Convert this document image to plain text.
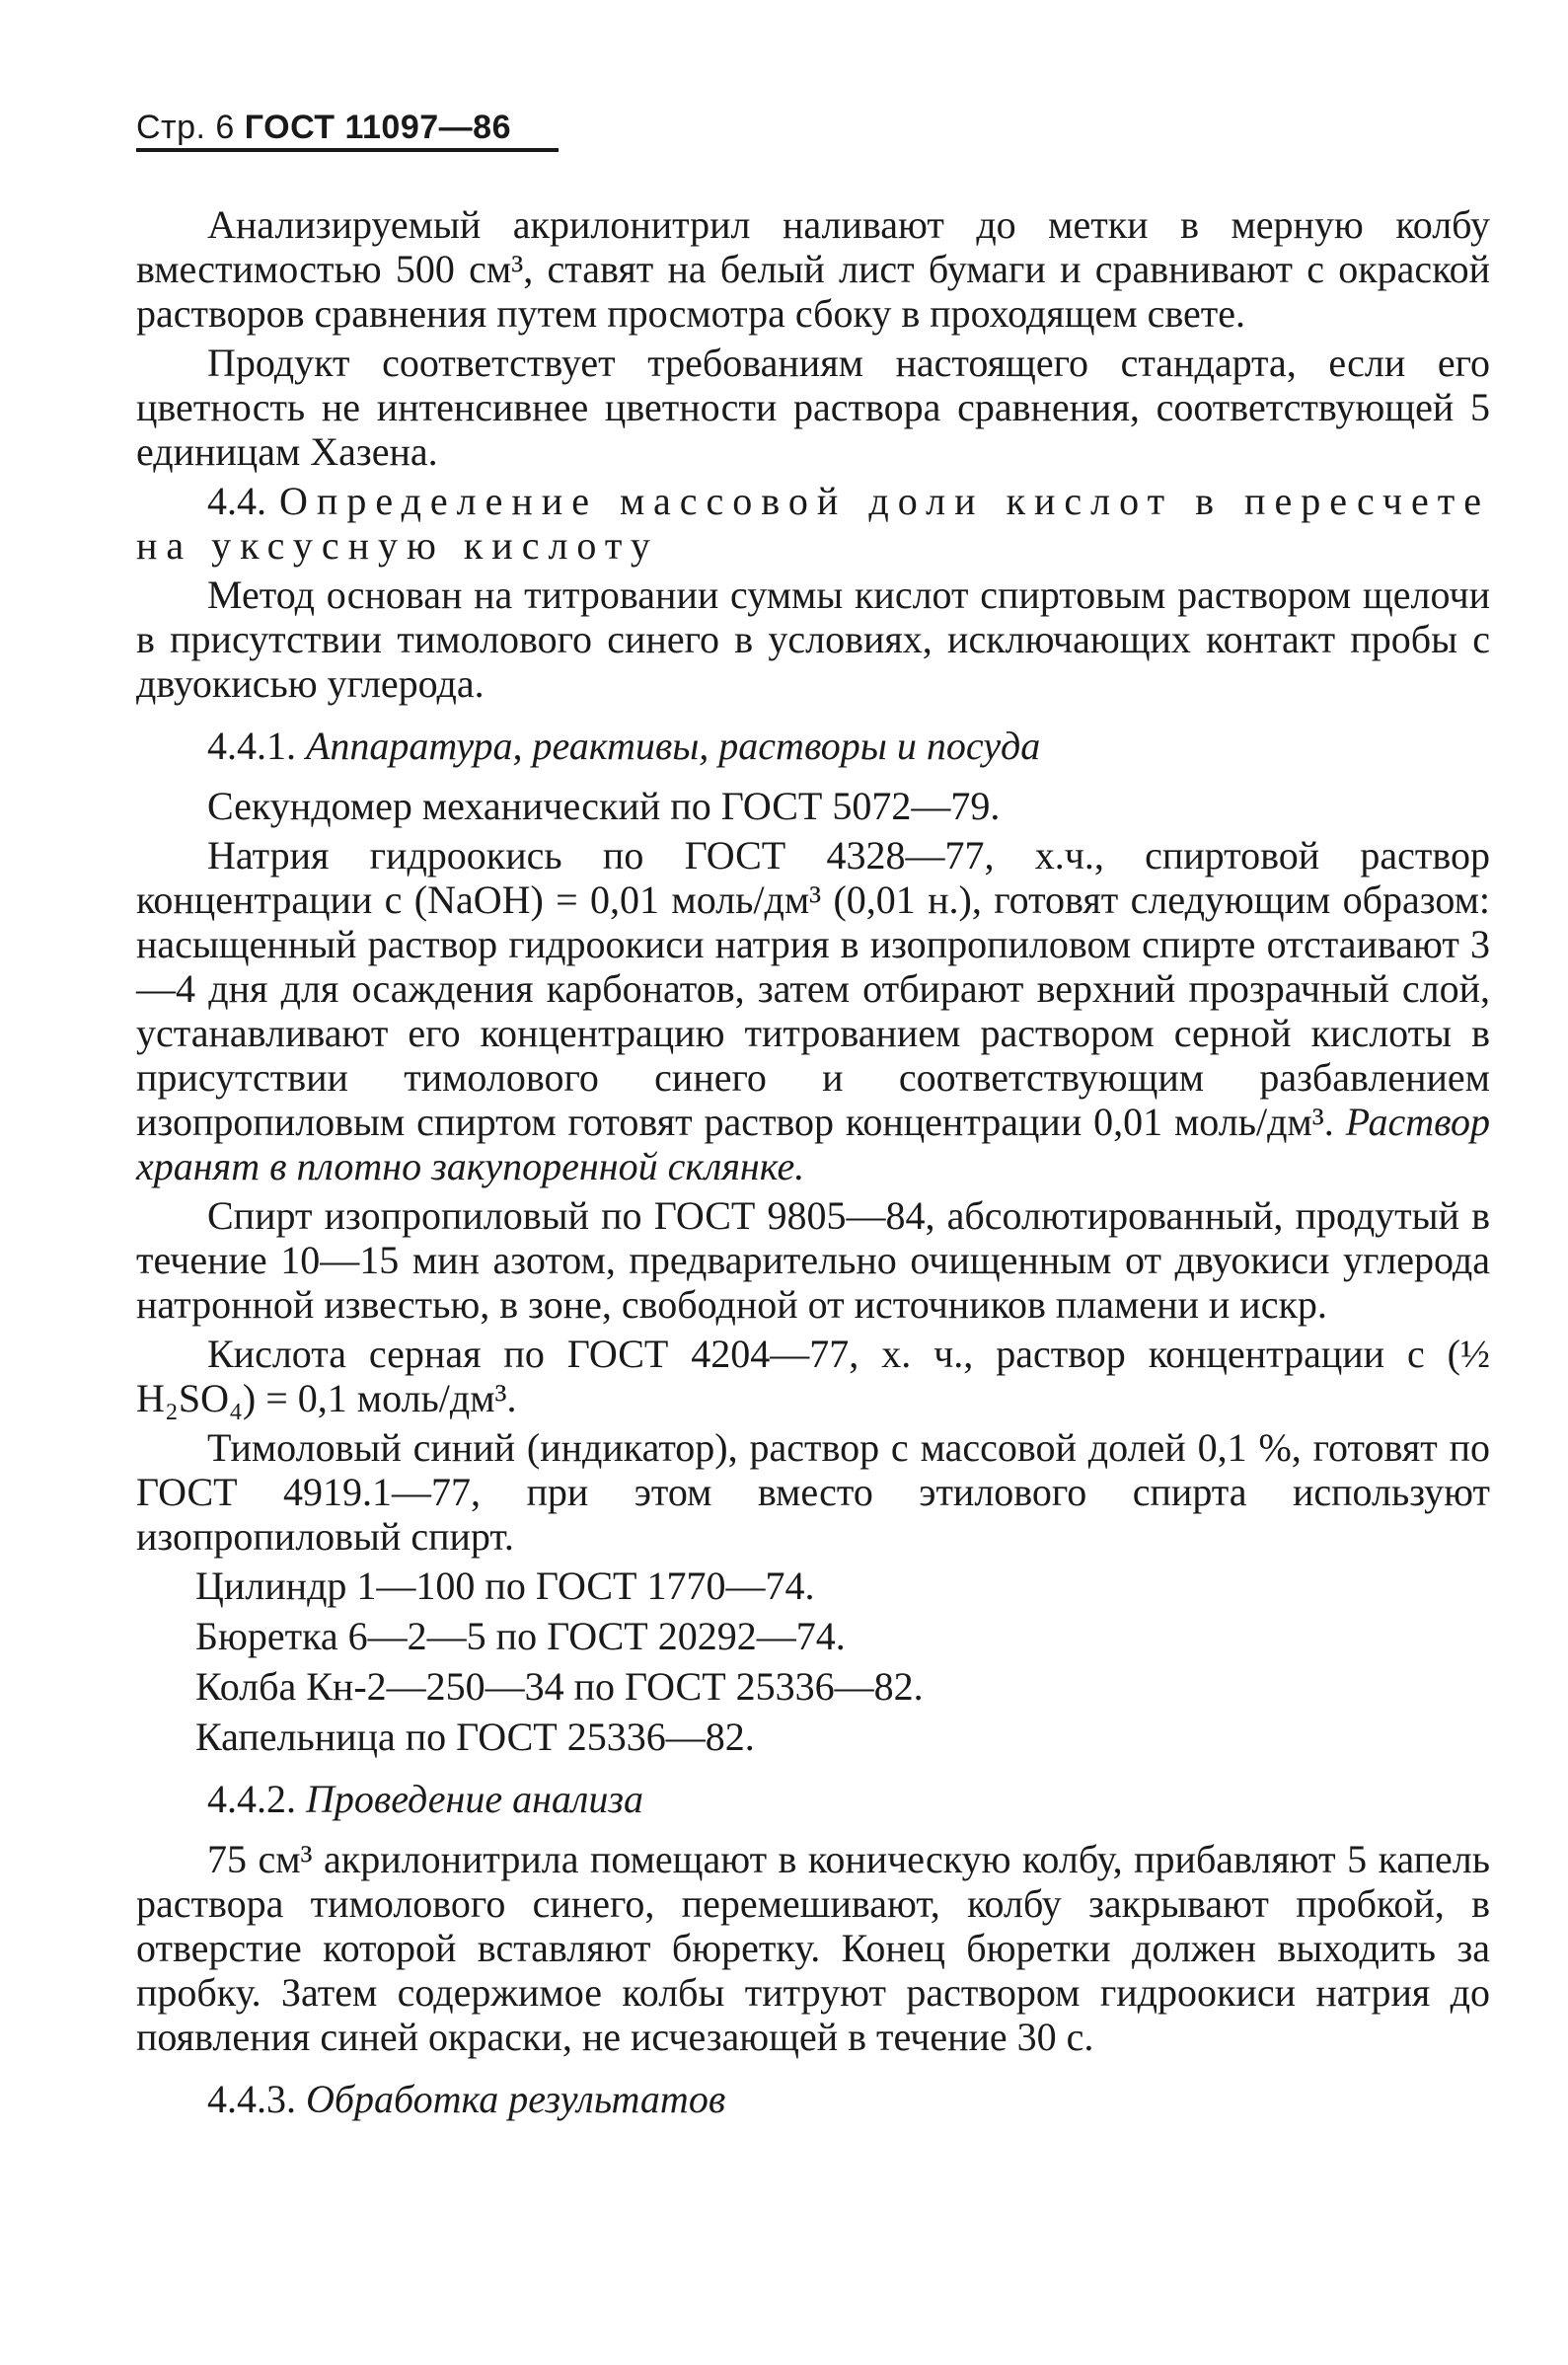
Стр. 6 ГОСТ 11097—86

Анализируемый акрилонитрил наливают до метки в мерную колбу вместимостью 500 см³, ставят на белый лист бумаги и сравнивают с окраской растворов сравнения путем просмотра сбоку в проходящем свете.

Продукт соответствует требованиям настоящего стандарта, если его цветность не интенсивнее цветности раствора сравнения, соответствующей 5 единицам Хазена.

4.4. Определение массовой доли кислот в пересчете на уксусную кислоту

Метод основан на титровании суммы кислот спиртовым раствором щелочи в присутствии тимолового синего в условиях, исключающих контакт пробы с двуокисью углерода.

4.4.1. Аппаратура, реактивы, растворы и посуда

Секундомер механический по ГОСТ 5072—79.

Натрия гидроокись по ГОСТ 4328—77, х.ч., спиртовой раствор концентрации c (NaOH) = 0,01 моль/дм³ (0,01 н.), готовят следующим образом: насыщенный раствор гидроокиси натрия в изопропиловом спирте отстаивают 3—4 дня для осаждения карбонатов, затем отбирают верхний прозрачный слой, устанавливают его концентрацию титрованием раствором серной кислоты в присутствии тимолового синего и соответствующим разбавлением изопропиловым спиртом готовят раствор концентрации 0,01 моль/дм³. Раствор хранят в плотно закупоренной склянке.

Спирт изопропиловый по ГОСТ 9805—84, абсолютированный, продутый в течение 10—15 мин азотом, предварительно очищенным от двуокиси углерода натронной известью, в зоне, свободной от источников пламени и искр.

Кислота серная по ГОСТ 4204—77, х. ч., раствор концентрации c (½ H₂SO₄) = 0,1 моль/дм³.

Тимоловый синий (индикатор), раствор с массовой долей 0,1 %, готовят по ГОСТ 4919.1—77, при этом вместо этилового спирта используют изопропиловый спирт.

Цилиндр 1—100 по ГОСТ 1770—74.

Бюретка 6—2—5 по ГОСТ 20292—74.

Колба Кн-2—250—34 по ГОСТ 25336—82.

Капельница по ГОСТ 25336—82.

4.4.2. Проведение анализа

75 см³ акрилонитрила помещают в коническую колбу, прибавляют 5 капель раствора тимолового синего, перемешивают, колбу закрывают пробкой, в отверстие которой вставляют бюретку. Конец бюретки должен выходить за пробку. Затем содержимое колбы титруют раствором гидроокиси натрия до появления синей окраски, не исчезающей в течение 30 с.

4.4.3. Обработка результатов
